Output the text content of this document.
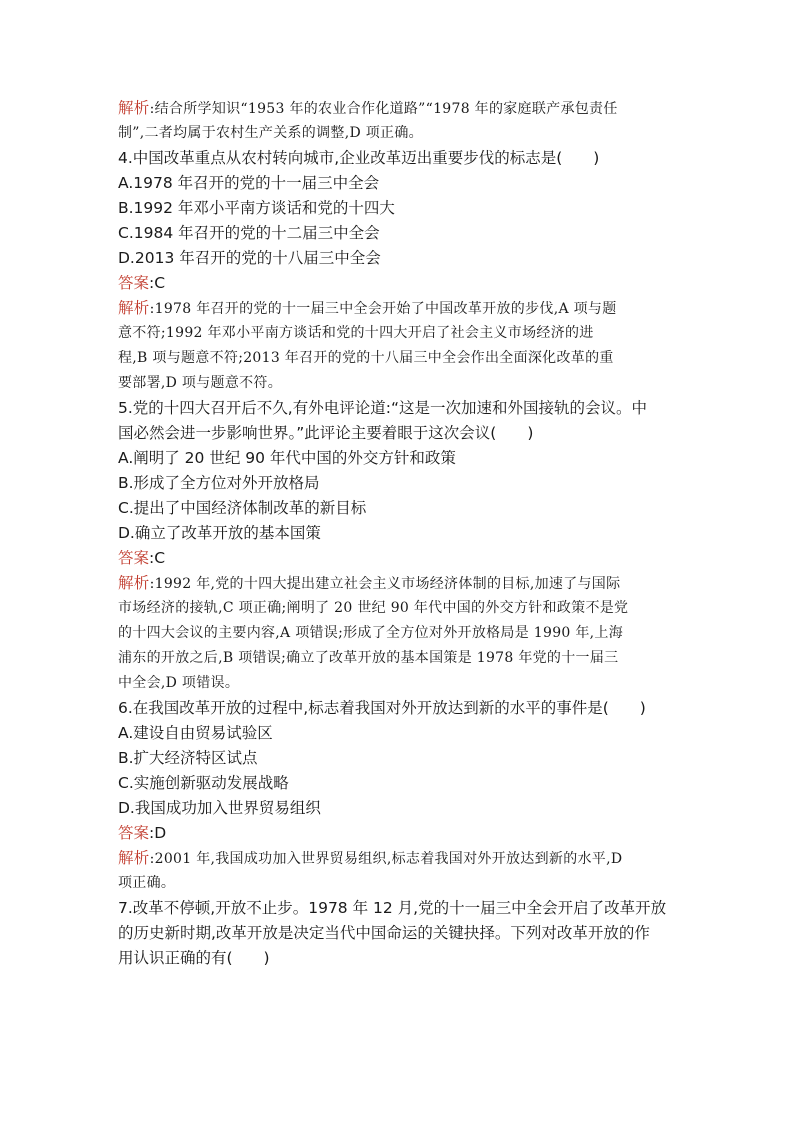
解析:结合所学知识“1953 年的农业合作化道路”“1978 年的家庭联产承包责任
制”,二者均属于农村生产关系的调整,D 项正确。
4.中国改革重点从农村转向城市,企业改革迈出重要步伐的标志是(　　)
A.1978 年召开的党的十一届三中全会
B.1992 年邓小平南方谈话和党的十四大
C.1984 年召开的党的十二届三中全会
D.2013 年召开的党的十八届三中全会
答案:C
解析:1978 年召开的党的十一届三中全会开始了中国改革开放的步伐,A 项与题
意不符;1992 年邓小平南方谈话和党的十四大开启了社会主义市场经济的进
程,B 项与题意不符;2013 年召开的党的十八届三中全会作出全面深化改革的重
要部署,D 项与题意不符。
5.党的十四大召开后不久,有外电评论道:“这是一次加速和外国接轨的会议。中
国必然会进一步影响世界。”此评论主要着眼于这次会议(　　)
A.阐明了 20 世纪 90 年代中国的外交方针和政策
B.形成了全方位对外开放格局
C.提出了中国经济体制改革的新目标
D.确立了改革开放的基本国策
答案:C
解析:1992 年,党的十四大提出建立社会主义市场经济体制的目标,加速了与国际
市场经济的接轨,C 项正确;阐明了 20 世纪 90 年代中国的外交方针和政策不是党
的十四大会议的主要内容,A 项错误;形成了全方位对外开放格局是 1990 年,上海
浦东的开放之后,B 项错误;确立了改革开放的基本国策是 1978 年党的十一届三
中全会,D 项错误。
6.在我国改革开放的过程中,标志着我国对外开放达到新的水平的事件是(　　)
A.建设自由贸易试验区
B.扩大经济特区试点
C.实施创新驱动发展战略
D.我国成功加入世界贸易组织
答案:D
解析:2001 年,我国成功加入世界贸易组织,标志着我国对外开放达到新的水平,D
项正确。
7.改革不停顿,开放不止步。1978 年 12 月,党的十一届三中全会开启了改革开放
的历史新时期,改革开放是决定当代中国命运的关键抉择。下列对改革开放的作
用认识正确的有(　　)
